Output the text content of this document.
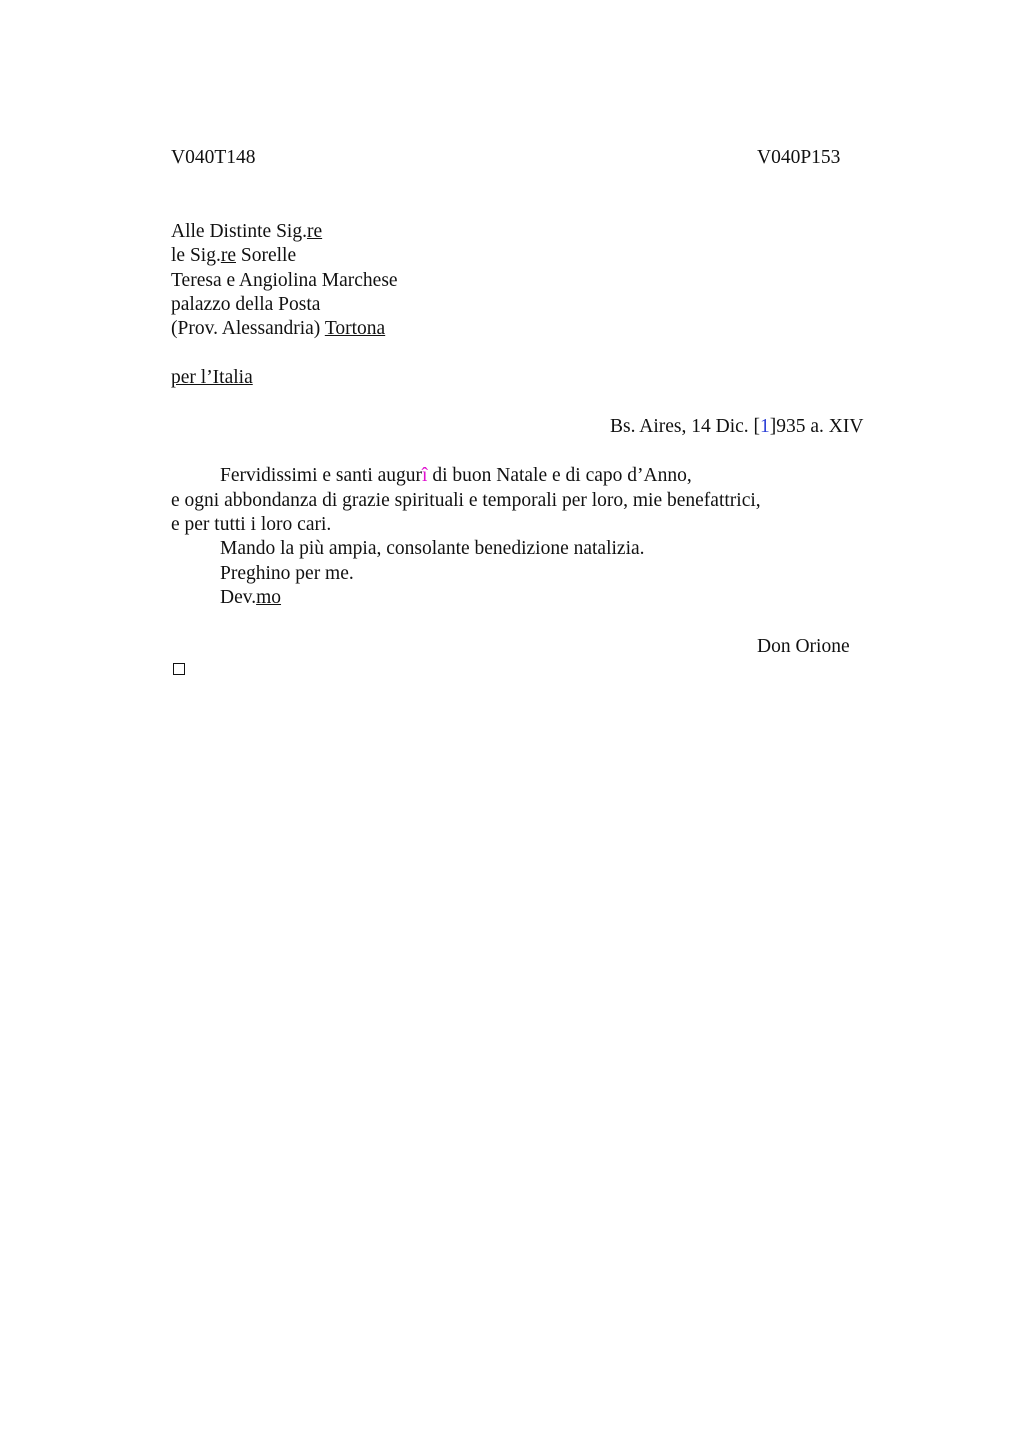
V040T148	V040P153
Alle Distinte Sig.re
le Sig.re Sorelle
Teresa e Angiolina Marchese
palazzo della Posta
(Prov. Alessandria) Tortona
per l’Italia
Bs. Aires, 14 Dic. [1]935 a. XIV
Fervidissimi e santi augurî di buon Natale e di capo d’Anno,
e ogni abbondanza di grazie spirituali e temporali per loro, mie benefattrici,
e per tutti i loro cari.
Mando la più ampia, consolante benedizione natalizia.
Preghino per me.
Dev.mo
Don Orione
